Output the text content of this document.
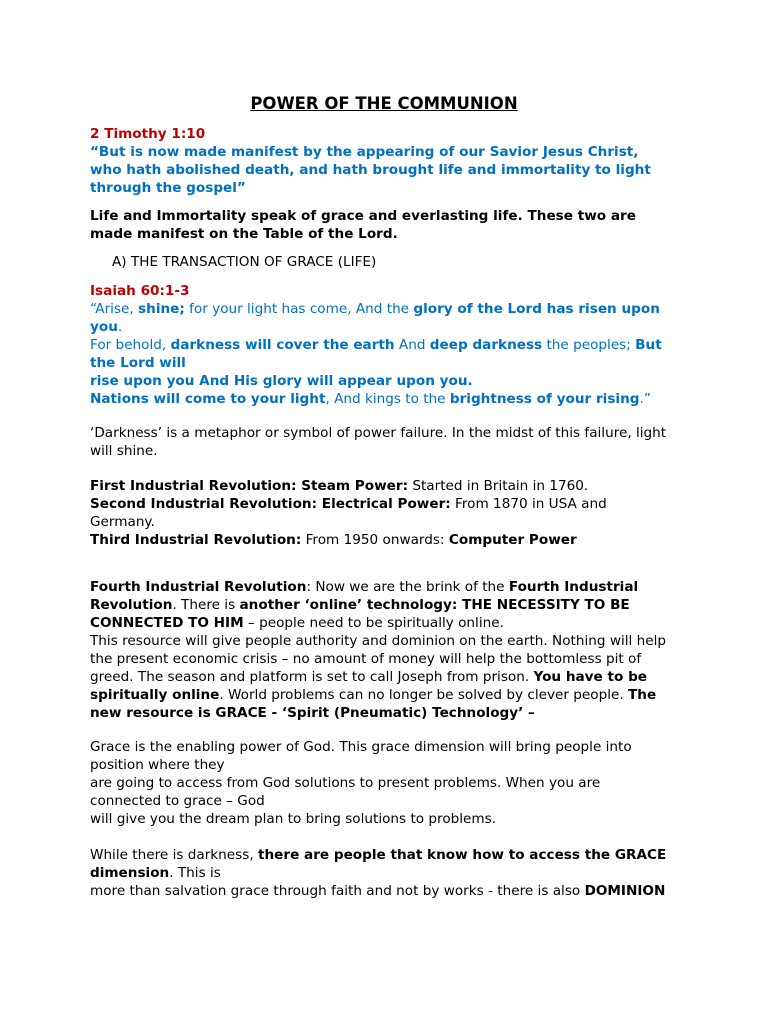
POWER OF THE COMMUNION
2 Timothy 1:10
“But is now made manifest by the appearing of our Savior Jesus Christ,
who hath abolished death, and hath brought life and immortality to light
through the gospel”
Life and Immortality speak of grace and everlasting life. These two are
made manifest on the Table of the Lord.
A) THE TRANSACTION OF GRACE (LIFE)
Isaiah 60:1-3
“Arise, shine; for your light has come, And the glory of the Lord has risen upon
you.
For behold, darkness will cover the earth And deep darkness the peoples; But
the Lord will
rise upon you And His glory will appear upon you.
Nations will come to your light, And kings to the brightness of your rising.”
‘Darkness’ is a metaphor or symbol of power failure. In the midst of this failure, light
will shine.
First Industrial Revolution: Steam Power: Started in Britain in 1760.
Second Industrial Revolution: Electrical Power: From 1870 in USA and
Germany.
Third Industrial Revolution: From 1950 onwards: Computer Power
Fourth Industrial Revolution: Now we are the brink of the Fourth Industrial
Revolution. There is another ‘online’ technology: THE NECESSITY TO BE
CONNECTED TO HIM – people need to be spiritually online.
This resource will give people authority and dominion on the earth. Nothing will help
the present economic crisis – no amount of money will help the bottomless pit of
greed. The season and platform is set to call Joseph from prison. You have to be
spiritually online. World problems can no longer be solved by clever people. The
new resource is GRACE - ‘Spirit (Pneumatic) Technology’ –
Grace is the enabling power of God. This grace dimension will bring people into
position where they
are going to access from God solutions to present problems. When you are
connected to grace – God
will give you the dream plan to bring solutions to problems.
While there is darkness, there are people that know how to access the GRACE
dimension. This is
more than salvation grace through faith and not by works - there is also DOMINION
